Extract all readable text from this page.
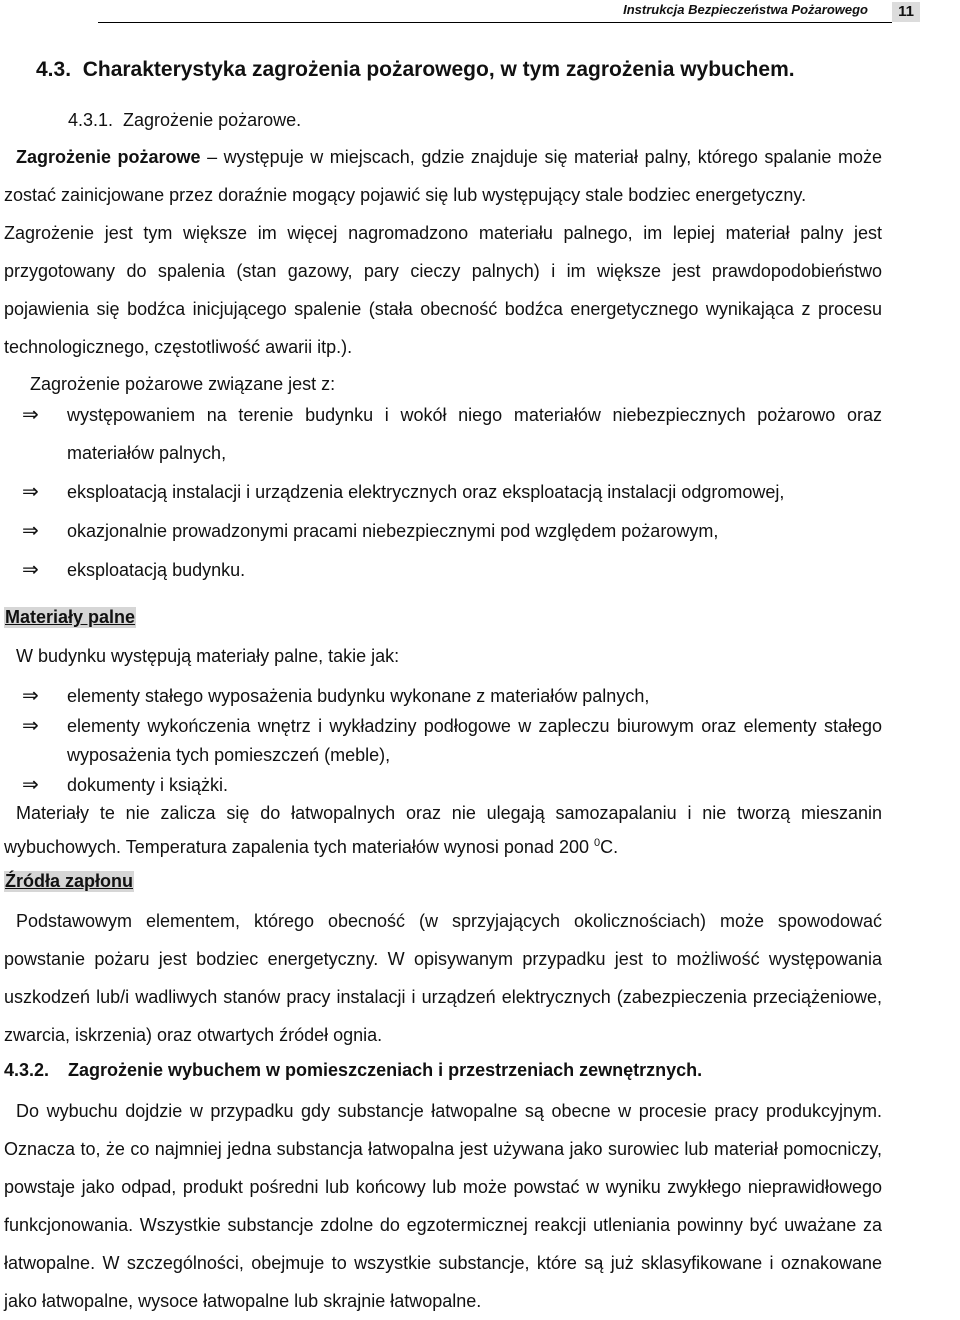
Instrukcja Bezpieczeństwa Pożarowego	11
4.3.  Charakterystyka zagrożenia pożarowego, w tym zagrożenia wybuchem.
4.3.1.  Zagrożenie pożarowe.

Zagrożenie pożarowe – występuje w miejscach, gdzie znajduje się materiał palny, którego spalanie może zostać zainicjowane przez doraźnie mogący pojawić się lub występujący stale bodziec energetyczny.

Zagrożenie jest tym większe im więcej nagromadzono materiału palnego, im lepiej materiał palny jest przygotowany do spalenia (stan gazowy, pary cieczy palnych) i im większe jest prawdopodobieństwo pojawienia się bodźca inicjującego spalenie (stała obecność bodźca energetycznego wynikająca z procesu technologicznego, częstotliwość awarii itp.).

Zagrożenie pożarowe związane jest z:
⇒ występowaniem na terenie budynku i wokół niego materiałów niebezpiecznych pożarowo oraz materiałów palnych,
⇒ eksploatacją instalacji i urządzenia elektrycznych oraz eksploatacją instalacji odgromowej,
⇒ okazjonalnie prowadzonymi pracami niebezpiecznymi pod względem pożarowym,
⇒ eksploatacją budynku.
Materiały palne
W budynku występują materiały palne, takie jak:
⇒ elementy stałego wyposażenia budynku wykonane z materiałów palnych,
⇒ elementy wykończenia wnętrz i wykładziny podłogowe w zapleczu biurowym oraz elementy stałego wyposażenia tych pomieszczeń (meble),
⇒ dokumenty i książki.

Materiały te nie zalicza się do łatwopalnych oraz nie ulegają samozapalaniu i nie tworzą mieszanin wybuchowych. Temperatura zapalenia tych materiałów wynosi ponad 200 $^0$C.

Źródła zapłonu

Podstawowym elementem, którego obecność (w sprzyjających okolicznościach) może spowodować powstanie pożaru jest bodziec energetyczny. W opisywanym przypadku jest to możliwość występowania uszkodzeń lub/i wadliwych stanów pracy instalacji i urządzeń elektrycznych (zabezpieczenia przeciążeniowe, zwarcia, iskrzenia) oraz otwartych źródeł ognia.

4.3.2. Zagrożenie wybuchem w pomieszczeniach i przestrzeniach zewnętrznych.

Do wybuchu dojdzie w przypadku gdy substancje łatwopalne są obecne w procesie pracy produkcyjnym. Oznacza to, że co najmniej jedna substancja łatwopalna jest używana jako surowiec lub materiał pomocniczy, powstaje jako odpad, produkt pośredni lub końcowy lub może powstać w wyniku zwykłego nieprawidłowego funkcjonowania. Wszystkie substancje zdolne do egzotermicznej reakcji utleniania powinny być uważane za łatwopalne. W szczególności, obejmuje to wszystkie substancje, które są już sklasyfikowane i oznakowane jako łatwopalne, wysoce łatwopalne lub skrajnie łatwopalne.
